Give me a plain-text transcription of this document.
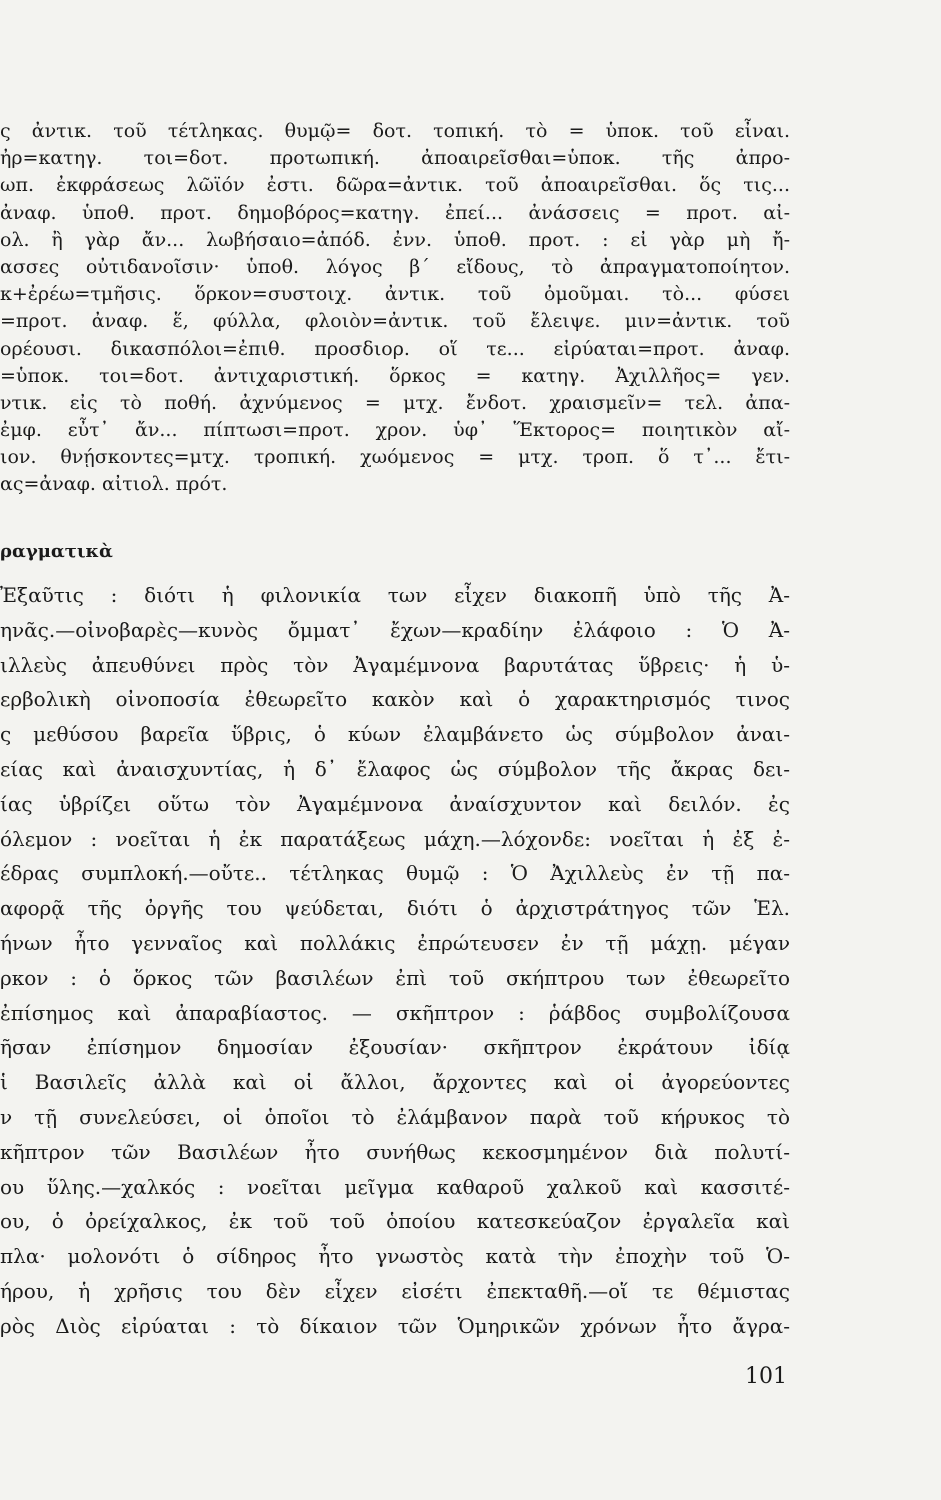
ς ἀντικ. τοῦ τέτληκας. θυμῷ= δοτ. τοπική. τὸ = ὑποκ. τοῦ εἶναι.
ἠρ=κατηγ. τοι=δοτ. προτωπική. ἀποαιρεῖσθαι=ὑποκ. τῆς ἀπρο-
ωπ. ἐκφράσεως λῶϊόν ἐστι. δῶρα=ἀντικ. τοῦ ἀποαιρεῖσθαι. ὅς τις...
ἀναφ. ὑποθ. προτ. δημοβόρος=κατηγ. ἐπεί... ἀνάσσεις = προτ. αἰ-
ολ. ἢ γὰρ ἄν... λωβήσαιο=ἀπόδ. ἐνν. ὑποθ. προτ. : εἰ γὰρ μὴ ἤ-
ασσες οὐτιδανοῖσιν· ὑποθ. λόγος β΄ εἴδους, τὸ ἀπραγματοποίητον.
κ+ἐρέω=τμῆσις. ὅρκον=συστοιχ. ἀντικ. τοῦ ὀμοῦμαι. τὸ... φύσει
=προτ. ἀναφ. ἕ, φύλλα, φλοιὸν=ἀντικ. τοῦ ἔλειψε. μιν=ἀντικ. τοῦ
ορέουσι. δικασπόλοι=ἐπιθ. προσδιορ. οἵ τε... εἰρύαται=προτ. ἀναφ.
=ὑποκ. τοι=δοτ. ἀντιχαριστική. ὅρκος = κατηγ. Ἀχιλλῆος= γεν.
ντικ. εἰς τὸ ποθή. ἀχνύμενος = μτχ. ἔνδοτ. χραισμεῖν= τελ. ἀπα-
ἐμφ. εὖτ᾽ ἄν... πίπτωσι=προτ. χρον. ὑφ᾽ Ἕκτορος= ποιητικὸν αἴ-
ιον. θνῄσκοντες=μτχ. τροπική. χωόμενος = μτχ. τροπ. ὅ τ᾽... ἔτι-
ας=ἀναφ. αἰτιολ. πρότ.
ραγματικὰ
Ἐξαῦτις : διότι ἡ φιλονικία των εἶχεν διακοπῆ ὑπὸ τῆς Ἀ-
ηνᾶς.—οἰνοβαρὲς—κυνὸς ὄμματ᾽ ἔχων—κραδίην ἐλάφοιο : Ὁ Ἀ-
ιλλεὺς ἀπευθύνει πρὸς τὸν Ἀγαμέμνονα βαρυτάτας ὕβρεις· ἡ ὑ-
ερβολικὴ οἰνοποσία ἐθεωρεῖτο κακὸν καὶ ὁ χαρακτηρισμός τινος
ς μεθύσου βαρεῖα ὕβρις, ὁ κύων ἐλαμβάνετο ὡς σύμβολον ἀναι-
είας καὶ ἀναισχυντίας, ἡ δ᾽ ἔλαφος ὡς σύμβολον τῆς ἄκρας δει-
ίας ὑβρίζει οὕτω τὸν Ἀγαμέμνονα ἀναίσχυντον καὶ δειλόν. ἐς
όλεμον : νοεῖται ἡ ἐκ παρατάξεως μάχη.—λόχονδε: νοεῖται ἡ ἐξ ἐ-
έδρας συμπλοκή.—οὔτε.. τέτληκας θυμῷ : Ὁ Ἀχιλλεὺς ἐν τῇ πα-
αφορᾷ τῆς ὀργῆς του ψεύδεται, διότι ὁ ἀρχιστράτηγος τῶν Ἑλ.
ήνων ἦτο γενναῖος καὶ πολλάκις ἐπρώτευσεν ἐν τῇ μάχῃ. μέγαν
ρκον : ὁ ὅρκος τῶν βασιλέων ἐπὶ τοῦ σκήπτρου των ἐθεωρεῖτο
ἐπίσημος καὶ ἀπαραβίαστος. — σκῆπτρον : ῥάβδος συμβολίζουσα
ῆσαν ἐπίσημον δημοσίαν ἐξουσίαν· σκῆπτρον ἐκράτουν ἰδίᾳ
ἱ Βασιλεῖς ἀλλὰ καὶ οἱ ἄλλοι, ἄρχοντες καὶ οἱ ἀγορεύοντες
ν τῇ συνελεύσει, οἱ ὁποῖοι τὸ ἐλάμβανον παρὰ τοῦ κήρυκος τὸ
κῆπτρον τῶν Βασιλέων ἦτο συνήθως κεκοσμημένον διὰ πολυτί-
ου ὕλης.—χαλκός : νοεῖται μεῖγμα καθαροῦ χαλκοῦ καὶ κασσιτέ-
ου, ὁ ὀρείχαλκος, ἐκ τοῦ τοῦ ὁποίου κατεσκεύαζον ἐργαλεῖα καὶ
πλα· μολονότι ὁ σίδηρος ἦτο γνωστὸς κατὰ τὴν ἐποχὴν τοῦ Ὁ-
ήρου, ἡ χρῆσις του δὲν εἶχεν εἰσέτι ἐπεκταθῆ.—οἵ τε θέμιστας
ρὸς Διὸς εἰρύαται : τὸ δίκαιον τῶν Ὁμηρικῶν χρόνων ἦτο ἄγρα-
101
